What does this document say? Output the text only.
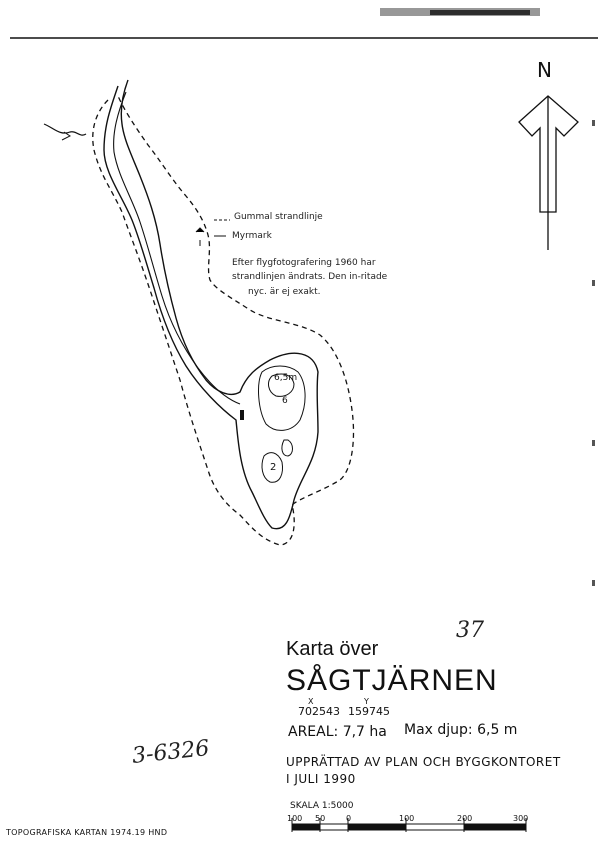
Gummal strandlinje
Myrmark
Efter flygfotografering 1960 har
strandlinjen ändrats. Den in-ritade
nyc. är ej exakt.
N
6,5m
6
2
37
Karta över
SÅGTJÄRNEN
X	Y
702543 159745
AREAL: 7,7 ha Max djup: 6,5 m
UPPRÄTTAD AV PLAN OCH BYGGKONTORET
I JULI 1990
SKALA 1:5000
100 50	0	100	200	300
3-6326
TOPOGRAFISKA KARTAN 1974.19 HND
